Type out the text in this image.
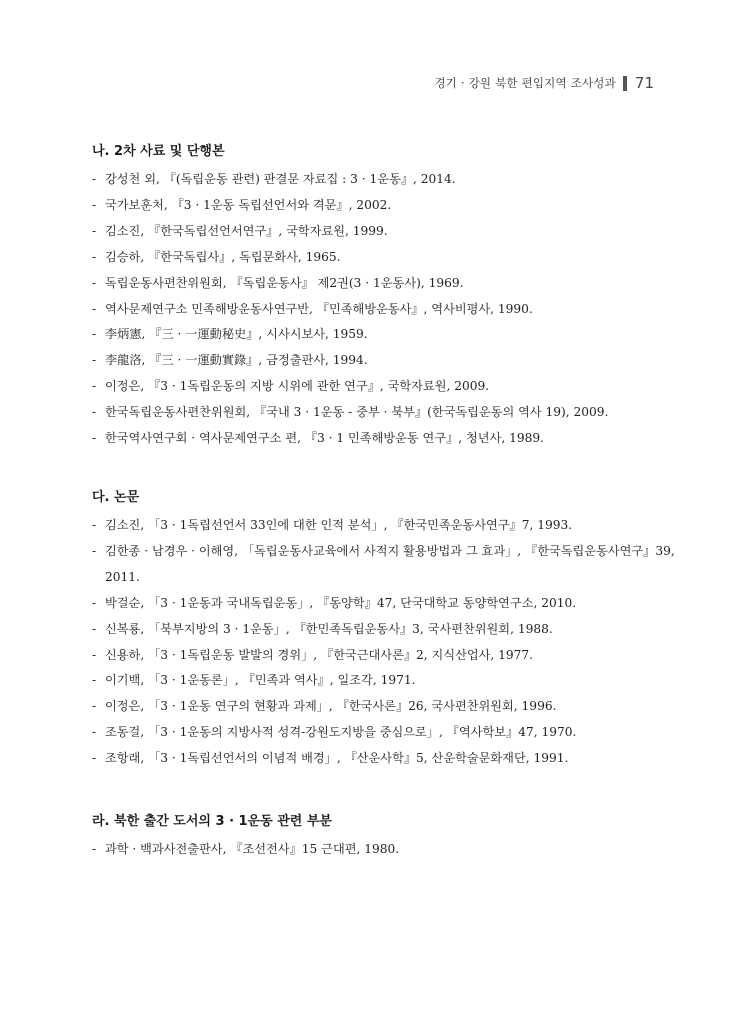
경기 · 강원 북한 편입지역 조사성과 71
나. 2차 사료 및 단행본
- 강성천 외, 『(독립운동 관련) 판결문 자료집 : 3 · 1운동』, 2014.
- 국가보훈처, 『3 · 1운동 독립선언서와 격문』, 2002.
- 김소진, 『한국독립선언서연구』, 국학자료원, 1999.
- 김승하, 『한국독립사』, 독립문화사, 1965.
- 독립운동사편찬위원회, 『독립운동사』 제2권(3 · 1운동사), 1969.
- 역사문제연구소 민족해방운동사연구반, 『민족해방운동사』, 역사비평사, 1990.
- 李炳憲, 『三 · 一運動秘史』, 시사시보사, 1959.
- 李龍洛, 『三 · 一運動實錄』, 금정출판사, 1994.
- 이정은, 『3 · 1독립운동의 지방 시위에 관한 연구』, 국학자료원, 2009.
- 한국독립운동사편찬위원회, 『국내 3 · 1운동 - 중부 · 북부』(한국독립운동의 역사 19), 2009.
- 한국역사연구회 · 역사문제연구소 편, 『3 · 1 민족해방운동 연구』, 청년사, 1989.
다. 논문
- 김소진, 「3 · 1독립선언서 33인에 대한 인적 분석」, 『한국민족운동사연구』7, 1993.
- 김한종 · 남경우 · 이해영, 「독립운동사교육에서 사적지 활용방법과 그 효과」, 『한국독립운동사연구』39, 2011.
- 박걸순, 「3 · 1운동과 국내독립운동」, 『동양학』47, 단국대학교 동양학연구소, 2010.
- 신복룡, 「북부지방의 3 · 1운동」, 『한민족독립운동사』3, 국사편찬위원회, 1988.
- 신용하, 「3 · 1독립운동 발발의 경위」, 『한국근대사론』2, 지식산업사, 1977.
- 이기백, 「3 · 1운동론」, 『민족과 역사』, 일조각, 1971.
- 이정은, 「3 · 1운동 연구의 현황과 과제」, 『한국사론』26, 국사편찬위원회, 1996.
- 조동걸, 「3 · 1운동의 지방사적 성격-강원도지방을 중심으로」, 『역사학보』47, 1970.
- 조항래, 「3 · 1독립선언서의 이념적 배경」, 『산운사학』5, 산운학술문화재단, 1991.
라. 북한 출간 도서의 3 · 1운동 관련 부분
- 과학 · 백과사전출판사, 『조선전사』15 근대편, 1980.
